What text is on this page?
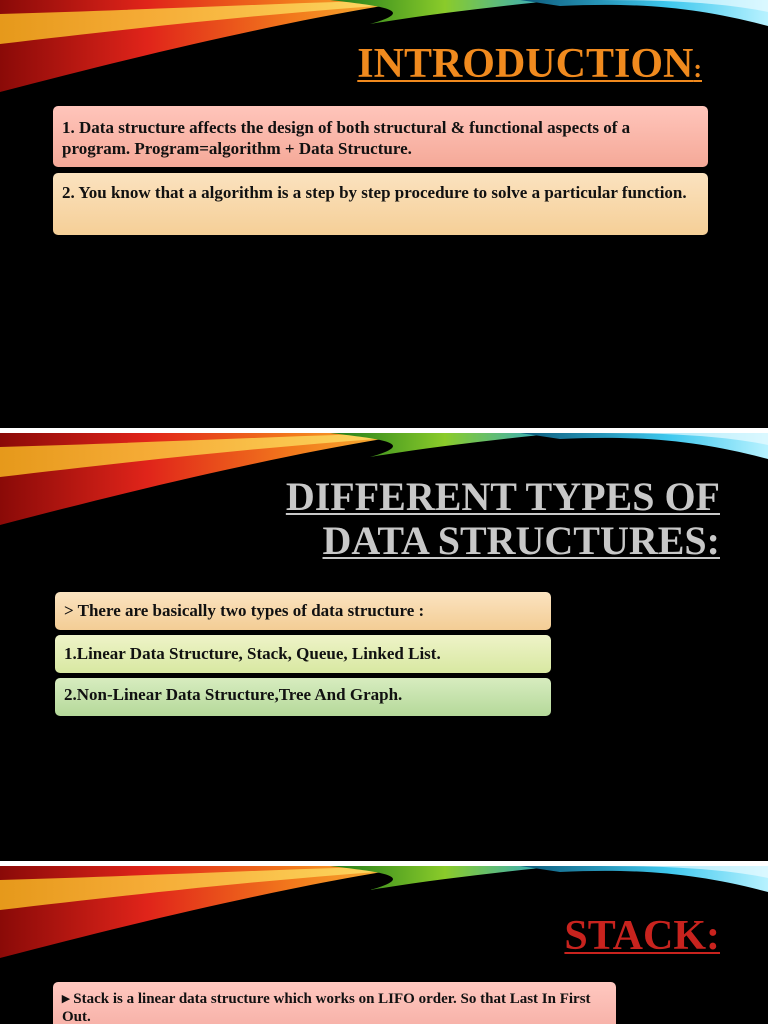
INTRODUCTION:
1. Data structure affects the design of both structural & functional aspects of a program. Program=algorithm + Data Structure.
2. You know that a algorithm is a step by step procedure to solve a particular function.
DIFFERENT TYPES OF
DATA STRUCTURES:
> There are basically two types of data structure :
1.Linear Data Structure, Stack, Queue, Linked List.
2.Non-Linear Data Structure,Tree And Graph.
STACK:
▸ Stack is a linear data structure which works on LIFO order. So that Last In First Out.
